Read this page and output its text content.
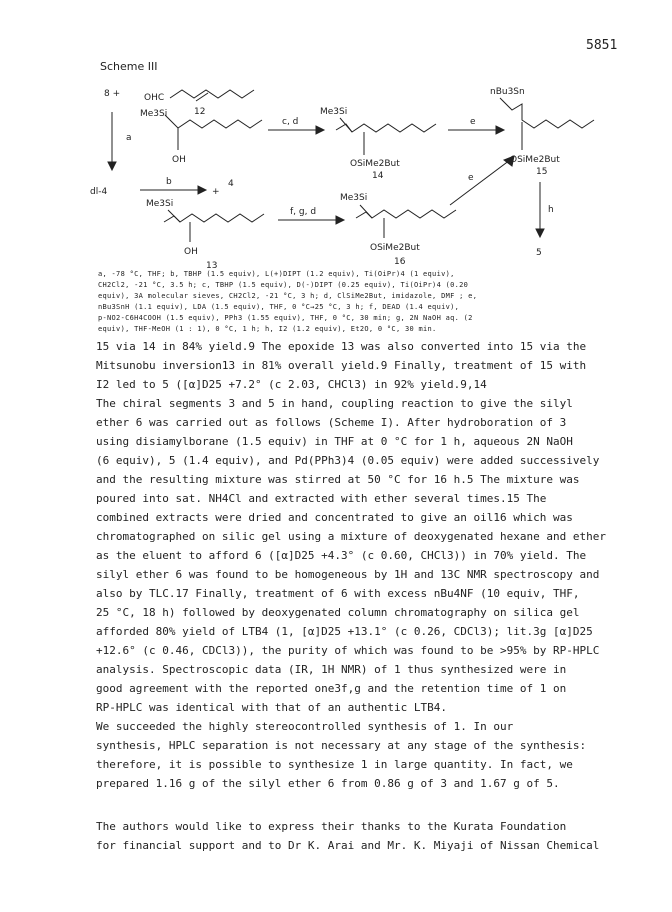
5851
Scheme III
8 +	OHC
12
a
Me3Si
OH
c, d
Me3Si
OSiMe2But
14
e
nBu3Sn
OSiMe2But
15
h
5
dl-4
b
+
4
Me3Si
OH
13
f, g, d
Me3Si
e
OSiMe2But
16
a, -78 °C, THF; b, TBHP (1.5 equiv), L(+)DIPT (1.2 equiv), Ti(OiPr)4 (1 equiv),
CH2Cl2, -21 °C, 3.5 h; c, TBHP (1.5 equiv), D(-)DIPT (0.25 equiv), Ti(OiPr)4 (0.20
equiv), 3A molecular sieves, CH2Cl2, -21 °C, 3 h; d, ClSiMe2But, imidazole, DMF ; e,
nBu3SnH (1.1 equiv), LDA (1.5 equiv), THF, 0 °C→25 °C, 3 h; f, DEAD (1.4 equiv),
p-NO2-C6H4COOH (1.5 equiv), PPh3 (1.55 equiv), THF, 0 °C, 30 min; g, 2N NaOH aq. (2
equiv), THF-MeOH (1 : 1), 0 °C, 1 h; h, I2 (1.2 equiv), Et2O, 0 °C, 30 min.
15 via 14 in 84% yield.9 The epoxide 13 was also converted into 15 via the
Mitsunobu inversion13 in 81% overall yield.9 Finally, treatment of 15 with
I2 led to 5 ([α]D25 +7.2° (c 2.03, CHCl3) in 92% yield.9,14
The chiral segments 3 and 5 in hand, coupling reaction to give the silyl
ether 6 was carried out as follows (Scheme I). After hydroboration of 3
using disiamylborane (1.5 equiv) in THF at 0 °C for 1 h, aqueous 2N NaOH
(6 equiv), 5 (1.4 equiv), and Pd(PPh3)4 (0.05 equiv) were added successively
and the resulting mixture was stirred at 50 °C for 16 h.5 The mixture was
poured into sat. NH4Cl and extracted with ether several times.15 The
combined extracts were dried and concentrated to give an oil16 which was
chromatographed on silic gel using a mixture of deoxygenated hexane and ether
as the eluent to afford 6 ([α]D25 +4.3° (c 0.60, CHCl3)) in 70% yield. The
silyl ether 6 was found to be homogeneous by 1H and 13C NMR spectroscopy and
also by TLC.17 Finally, treatment of 6 with excess nBu4NF (10 equiv, THF,
25 °C, 18 h) followed by deoxygenated column chromatography on silica gel
afforded 80% yield of LTB4 (1, [α]D25 +13.1° (c 0.26, CDCl3); lit.3g [α]D25
+12.6° (c 0.46, CDCl3)), the purity of which was found to be >95% by RP-HPLC
analysis. Spectroscopic data (IR, 1H NMR) of 1 thus synthesized were in
good agreement with the reported one3f,g and the retention time of 1 on
RP-HPLC was identical with that of an authentic LTB4.
We succeeded the highly stereocontrolled synthesis of 1. In our
synthesis, HPLC separation is not necessary at any stage of the synthesis:
therefore, it is possible to synthesize 1 in large quantity. In fact, we
prepared 1.16 g of the silyl ether 6 from 0.86 g of 3 and 1.67 g of 5.
The authors would like to express their thanks to the Kurata Foundation
for financial support and to Dr K. Arai and Mr. K. Miyaji of Nissan Chemical
